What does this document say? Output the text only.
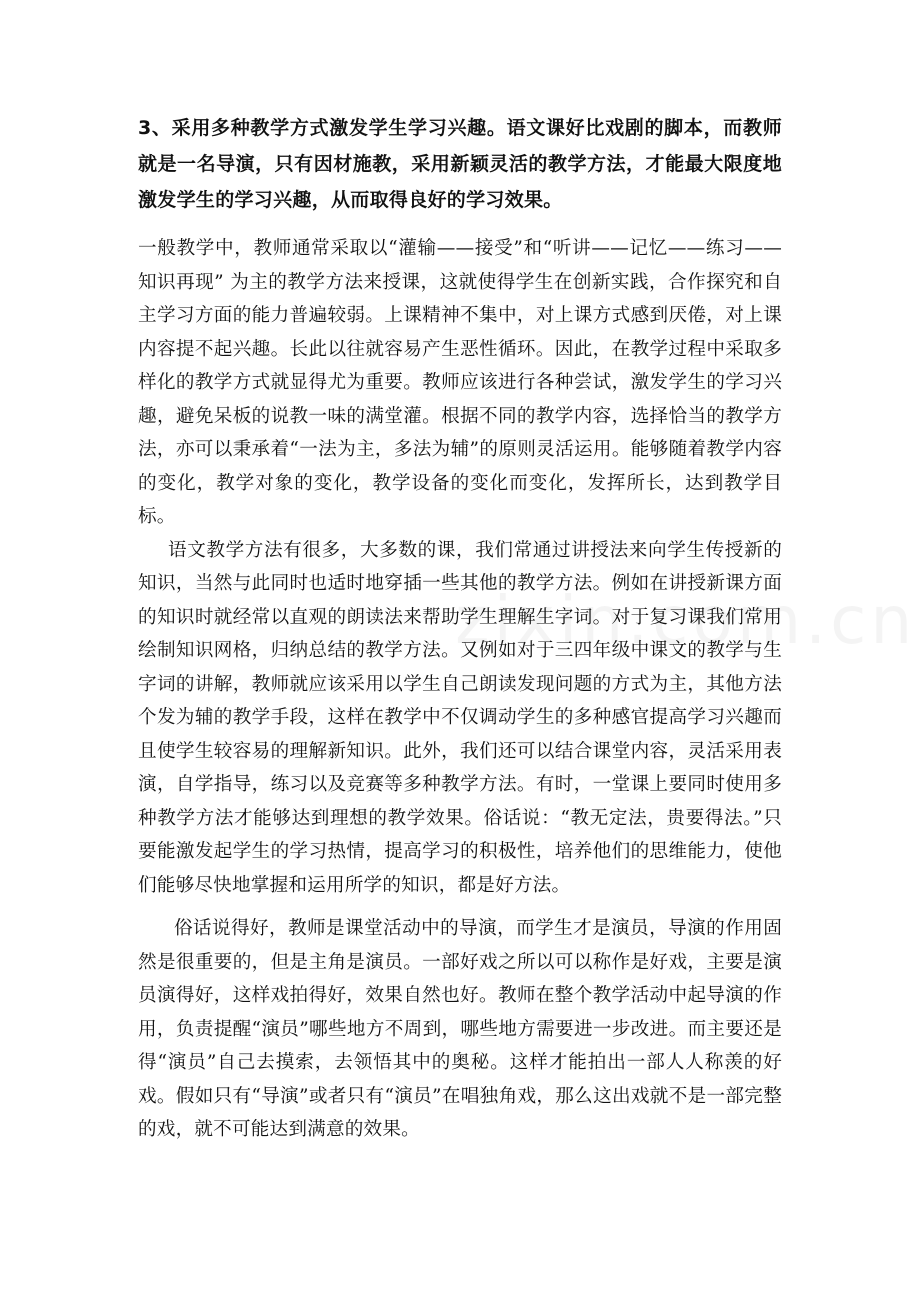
3、采用多种教学方式激发学生学习兴趣。语文课好比戏剧的脚本，而教师就是一名导演，只有因材施教，采用新颖灵活的教学方法，才能最大限度地激发学生的学习兴趣，从而取得良好的学习效果。

一般教学中，教师通常采取以“灌输——接受”和“听讲——记忆——练习——知识再现” 为主的教学方法来授课，这就使得学生在创新实践，合作探究和自主学习方面的能力普遍较弱。上课精神不集中，对上课方式感到厌倦，对上课内容提不起兴趣。长此以往就容易产生恶性循环。因此，在教学过程中采取多样化的教学方式就显得尤为重要。教师应该进行各种尝试，激发学生的学习兴趣，避免呆板的说教一味的满堂灌。根据不同的教学内容，选择恰当的教学方法，亦可以秉承着“一法为主，多法为辅”的原则灵活运用。能够随着教学内容的变化，教学对象的变化，教学设备的变化而变化，发挥所长，达到教学目标。

语文教学方法有很多，大多数的课，我们常通过讲授法来向学生传授新的知识，当然与此同时也适时地穿插一些其他的教学方法。例如在讲授新课方面的知识时就经常以直观的朗读法来帮助学生理解生字词。对于复习课我们常用绘制知识网格，归纳总结的教学方法。又例如对于三四年级中课文的教学与生字词的讲解，教师就应该采用以学生自己朗读发现问题的方式为主，其他方法个发为辅的教学手段，这样在教学中不仅调动学生的多种感官提高学习兴趣而且使学生较容易的理解新知识。此外，我们还可以结合课堂内容，灵活采用表演，自学指导，练习以及竞赛等多种教学方法。有时，一堂课上要同时使用多种教学方法才能够达到理想的教学效果。俗话说：“教无定法，贵要得法。”只要能激发起学生的学习热情，提高学习的积极性，培养他们的思维能力，使他们能够尽快地掌握和运用所学的知识，都是好方法。

俗话说得好，教师是课堂活动中的导演，而学生才是演员，导演的作用固然是很重要的，但是主角是演员。一部好戏之所以可以称作是好戏，主要是演员演得好，这样戏拍得好，效果自然也好。教师在整个教学活动中起导演的作用，负责提醒“演员”哪些地方不周到，哪些地方需要进一步改进。而主要还是得“演员”自己去摸索，去领悟其中的奥秘。这样才能拍出一部人人称羡的好戏。假如只有“导演”或者只有“演员”在唱独角戏，那么这出戏就不是一部完整的戏，就不可能达到满意的效果。
